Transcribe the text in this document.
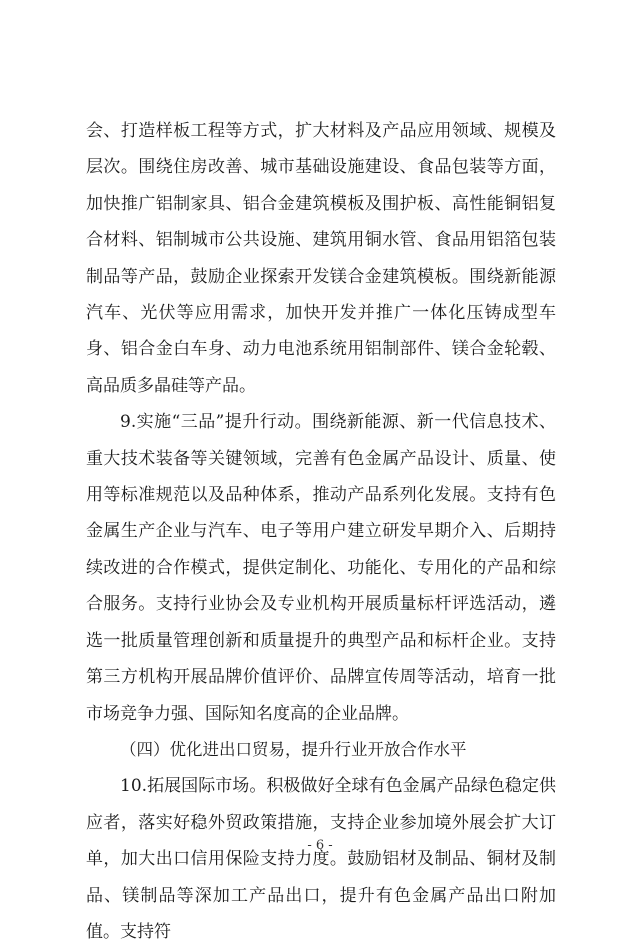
会、打造样板工程等方式，扩大材料及产品应用领域、规模及层次。围绕住房改善、城市基础设施建设、食品包装等方面，加快推广铝制家具、铝合金建筑模板及围护板、高性能铜铝复合材料、铝制城市公共设施、建筑用铜水管、食品用铝箔包装制品等产品，鼓励企业探索开发镁合金建筑模板。围绕新能源汽车、光伏等应用需求，加快开发并推广一体化压铸成型车身、铝合金白车身、动力电池系统用铝制部件、镁合金轮毂、高品质多晶硅等产品。

9.实施“三品”提升行动。围绕新能源、新一代信息技术、重大技术装备等关键领域，完善有色金属产品设计、质量、使用等标准规范以及品种体系，推动产品系列化发展。支持有色金属生产企业与汽车、电子等用户建立研发早期介入、后期持续改进的合作模式，提供定制化、功能化、专用化的产品和综合服务。支持行业协会及专业机构开展质量标杆评选活动，遴选一批质量管理创新和质量提升的典型产品和标杆企业。支持第三方机构开展品牌价值评价、品牌宣传周等活动，培育一批市场竞争力强、国际知名度高的企业品牌。

（四）优化进出口贸易，提升行业开放合作水平

10.拓展国际市场。积极做好全球有色金属产品绿色稳定供应者，落实好稳外贸政策措施，支持企业参加境外展会扩大订单，加大出口信用保险支持力度。鼓励铝材及制品、铜材及制品、镁制品等深加工产品出口，提升有色金属产品出口附加值。支持符

- 6 -
